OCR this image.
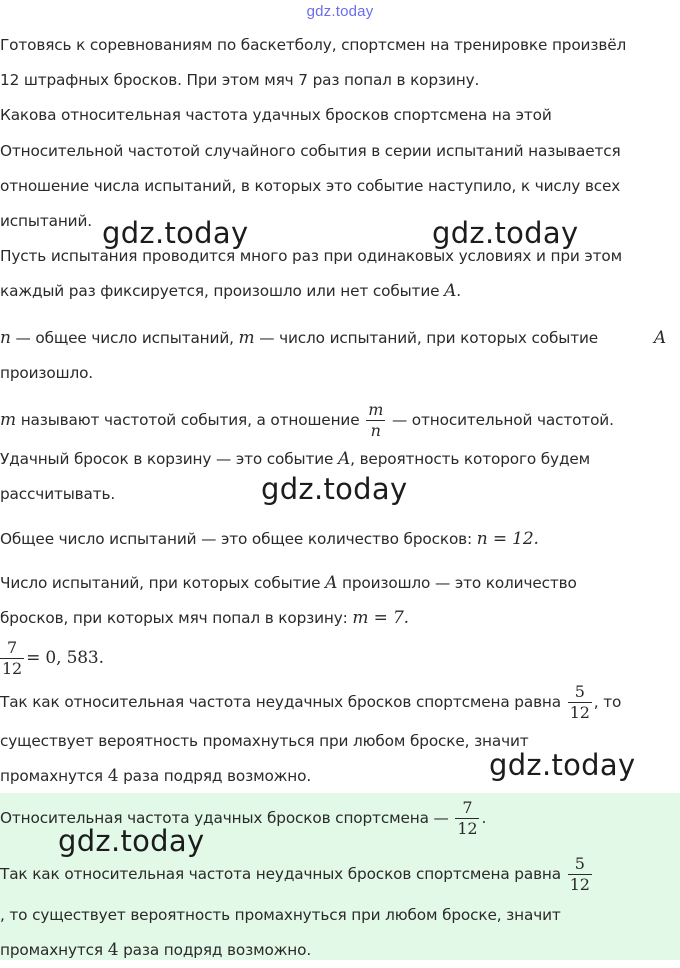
gdz.today
Готовясь к соревнованиям по баскетболу, спортсмен на тренировке произвёл
12 штрафных бросков. При этом мяч 7 раз попал в корзину.
Какова относительная частота удачных бросков спортсмена на этой
Относительной частотой случайного события в серии испытаний называется
отношение числа испытаний, в которых это событие наступило, к числу всех
испытаний.
Пусть испытания проводится много раз при одинаковых условиях и при этом
каждый раз фиксируется, произошло или нет событие A.
n — общее число испытаний, m — число испытаний, при которых событие	A
произошло.
m называют частотой события, а отношение $\frac{m}{n}$ — относительной частотой.
Удачный бросок в корзину — это событие A, вероятность которого будем
рассчитывать.
Общее число испытаний — это общее количество бросков: n = 12.
Число испытаний, при которых событие A произошло — это количество
бросков, при которых мяч попал в корзину: m = 7.
$\frac{7}{12} = 0$, 583.
Так как относительная частота неудачных бросков спортсмена равна $\frac{5}{12}$ , то
существует вероятность промахнуться при любом броске, значит
промахнутся 4 раза подряд возможно.
Относительная частота удачных бросков спортсмена — $\frac{7}{12}$ .
Так как относительная частота неудачных бросков спортсмена равна $\frac{5}{12}$
, то существует вероятность промахнуться при любом броске, значит
промахнутся 4 раза подряд возможно.
gdz.today	gdz.today
gdz.today
gdz.today
gdz.today
